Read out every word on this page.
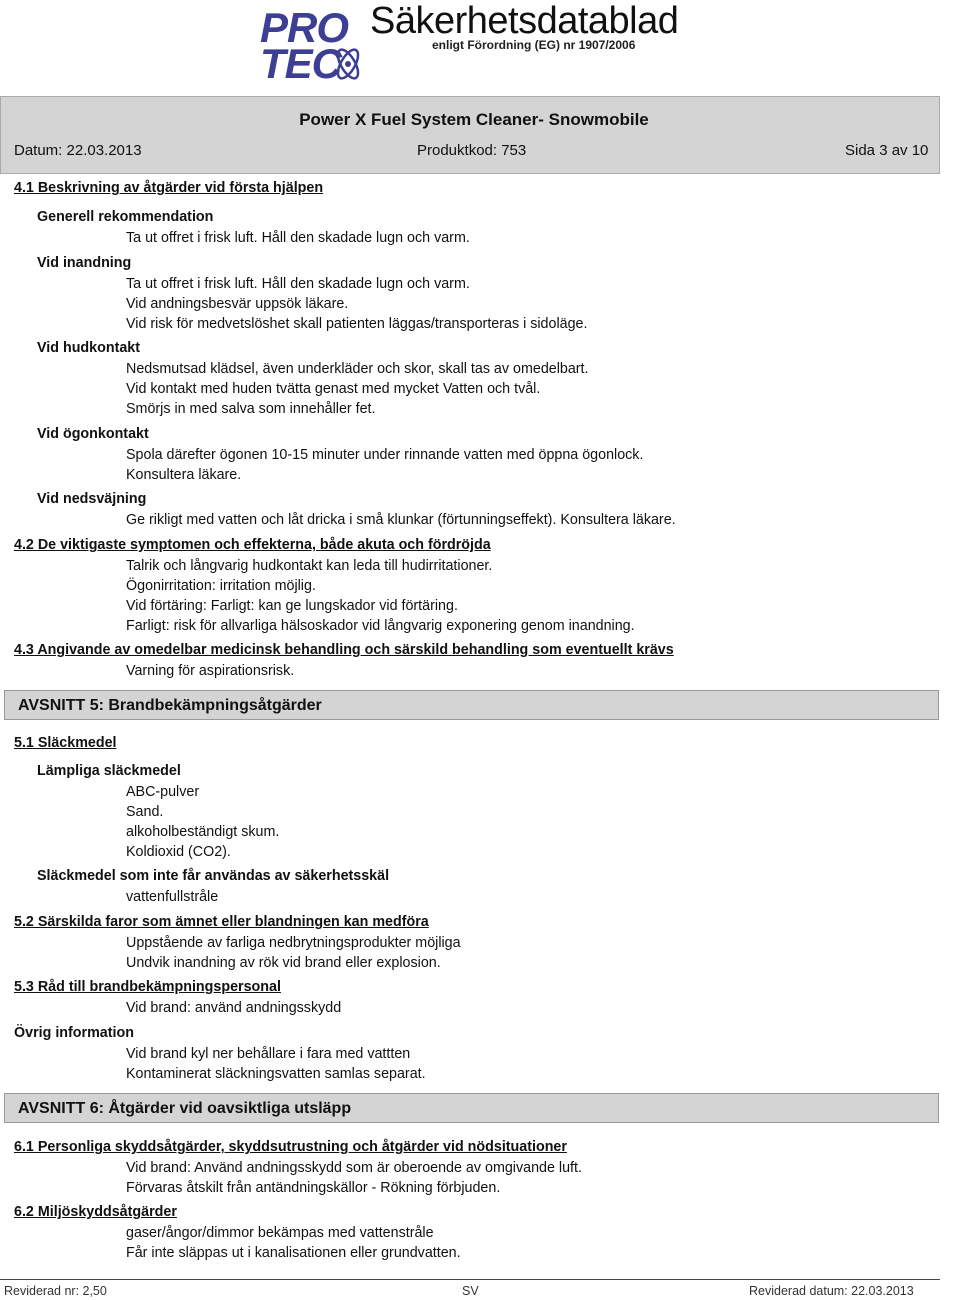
PRO
TEC
Säkerhetsdatablad
enligt Förordning (EG) nr 1907/2006
Power X Fuel System Cleaner- Snowmobile
Datum: 22.03.2013	Produktkod: 753	Sida 3 av 10
4.1 Beskrivning av åtgärder vid första hjälpen
Generell rekommendation
Ta ut offret i frisk luft. Håll den skadade lugn och varm.
Vid inandning
Ta ut offret i frisk luft. Håll den skadade lugn och varm.
Vid andningsbesvär uppsök läkare.
Vid risk för medvetslöshet skall patienten läggas/transporteras i sidoläge.
Vid hudkontakt
Nedsmutsad klädsel, även underkläder och skor, skall tas av omedelbart.
Vid kontakt med huden tvätta genast med mycket Vatten och tvål.
Smörjs in med salva som innehåller fet.
Vid ögonkontakt
Spola därefter ögonen 10-15 minuter under rinnande vatten med öppna ögonlock.
Konsultera läkare.
Vid nedsväjning
Ge rikligt med vatten och låt dricka i små klunkar (förtunningseffekt). Konsultera läkare.
4.2 De viktigaste symptomen och effekterna, både akuta och fördröjda
Talrik och långvarig hudkontakt kan leda till hudirritationer.
Ögonirritation: irritation möjlig.
Vid förtäring: Farligt: kan ge lungskador vid förtäring.
Farligt: risk för allvarliga hälsoskador vid långvarig exponering genom inandning.
4.3 Angivande av omedelbar medicinsk behandling och särskild behandling som eventuellt krävs
Varning för aspirationsrisk.
AVSNITT 5: Brandbekämpningsåtgärder
5.1 Släckmedel
Lämpliga släckmedel
ABC-pulver
Sand.
alkoholbeständigt skum.
Koldioxid (CO2).
Släckmedel som inte får användas av säkerhetsskäl
vattenfullstråle
5.2 Särskilda faror som ämnet eller blandningen kan medföra
Uppstående av farliga nedbrytningsprodukter möjliga
Undvik inandning av rök vid brand eller explosion.
5.3 Råd till brandbekämpningspersonal
Vid brand: använd andningsskydd
Övrig information
Vid brand kyl ner behållare i fara med vattten
Kontaminerat släckningsvatten samlas separat.
AVSNITT 6: Åtgärder vid oavsiktliga utsläpp
6.1 Personliga skyddsåtgärder, skyddsutrustning och åtgärder vid nödsituationer
Vid brand: Använd andningsskydd som är oberoende av omgivande luft.
Förvaras åtskilt från antändningskällor - Rökning förbjuden.
6.2 Miljöskyddsåtgärder
gaser/ångor/dimmor bekämpas med vattenstråle
Får inte släppas ut i kanalisationen eller grundvatten.
Reviderad nr: 2,50	SV	Reviderad datum: 22.03.2013
